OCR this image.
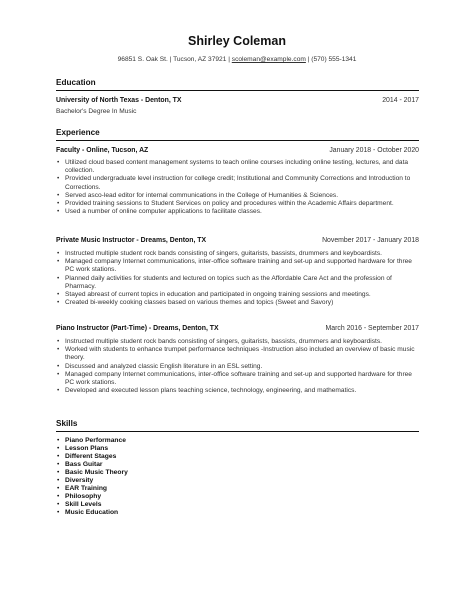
Shirley Coleman
96851 S. Oak St. | Tucson, AZ 37921 | scoleman@example.com | (570) 555-1341
Education
University of North Texas - Denton, TX	2014 - 2017
Bachelor's Degree In Music
Experience
Faculty - Online, Tucson, AZ	January 2018 - October 2020
• Utilized cloud based content management systems to teach online courses including online testing, lectures, and data collection.
• Provided undergraduate level instruction for college credit; Institutional and Community Corrections and Introduction to Corrections.
• Served asco-lead editor for internal communications in the College of Humanities & Sciences.
• Provided training sessions to Student Services on policy and procedures within the Academic Affairs department.
• Used a number of online computer applications to facilitate classes.
Private Music Instructor - Dreams, Denton, TX	November 2017 - January 2018
• Instructed multiple student rock bands consisting of singers, guitarists, bassists, drummers and keyboardists.
• Managed company Internet communications, inter-office software training and set-up and supported hardware for three PC work stations.
• Planned daily activities for students and lectured on topics such as the Affordable Care Act and the profession of Pharmacy.
• Stayed abreast of current topics in education and participated in ongoing training sessions and meetings.
• Created bi-weekly cooking classes based on various themes and topics (Sweet and Savory)
Piano Instructor (Part-Time) - Dreams, Denton, TX	March 2016 - September 2017
• Instructed multiple student rock bands consisting of singers, guitarists, bassists, drummers and keyboardists.
• Worked with students to enhance trumpet performance techniques -Instruction also included an overview of basic music theory.
• Discussed and analyzed classic English literature in an ESL setting.
• Managed company Internet communications, inter-office software training and set-up and supported hardware for three PC work stations.
• Developed and executed lesson plans teaching science, technology, engineering, and mathematics.
Skills
• Piano Performance
• Lesson Plans
• Different Stages
• Bass Guitar
• Basic Music Theory
• Diversity
• EAR Training
• Philosophy
• Skill Levels
• Music Education
